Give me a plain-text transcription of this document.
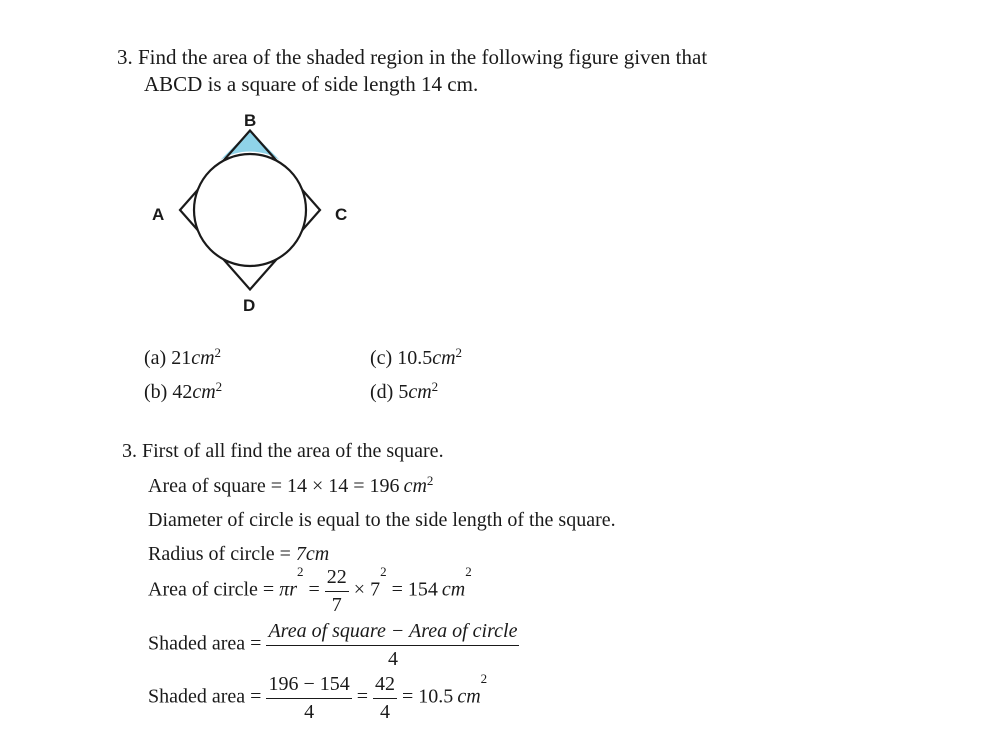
3. Find the area of the shaded region in the following figure given that
ABCD is a square of side length 14 cm.
B
A	C
D
(a) $21cm^2$
(b) $42cm^2$
(c) $10.5cm^2$
(d) $5cm^2$
3. First of all find the area of the square.
Area of square = 14 × 14 = 196  $cm^2$
Diameter of circle is equal to the side length of the square.
Radius of circle = 7cm
Area of circle = $\pi r^2 = \frac{22}{7} \times 7^2 = 154$  $cm^2$
Shaded area = $\frac{\text{Area of square − Area of circle}}{4}$
Shaded area = $\frac{196 - 154}{4} = \frac{42}{4} = 10.5$  $cm^2$
